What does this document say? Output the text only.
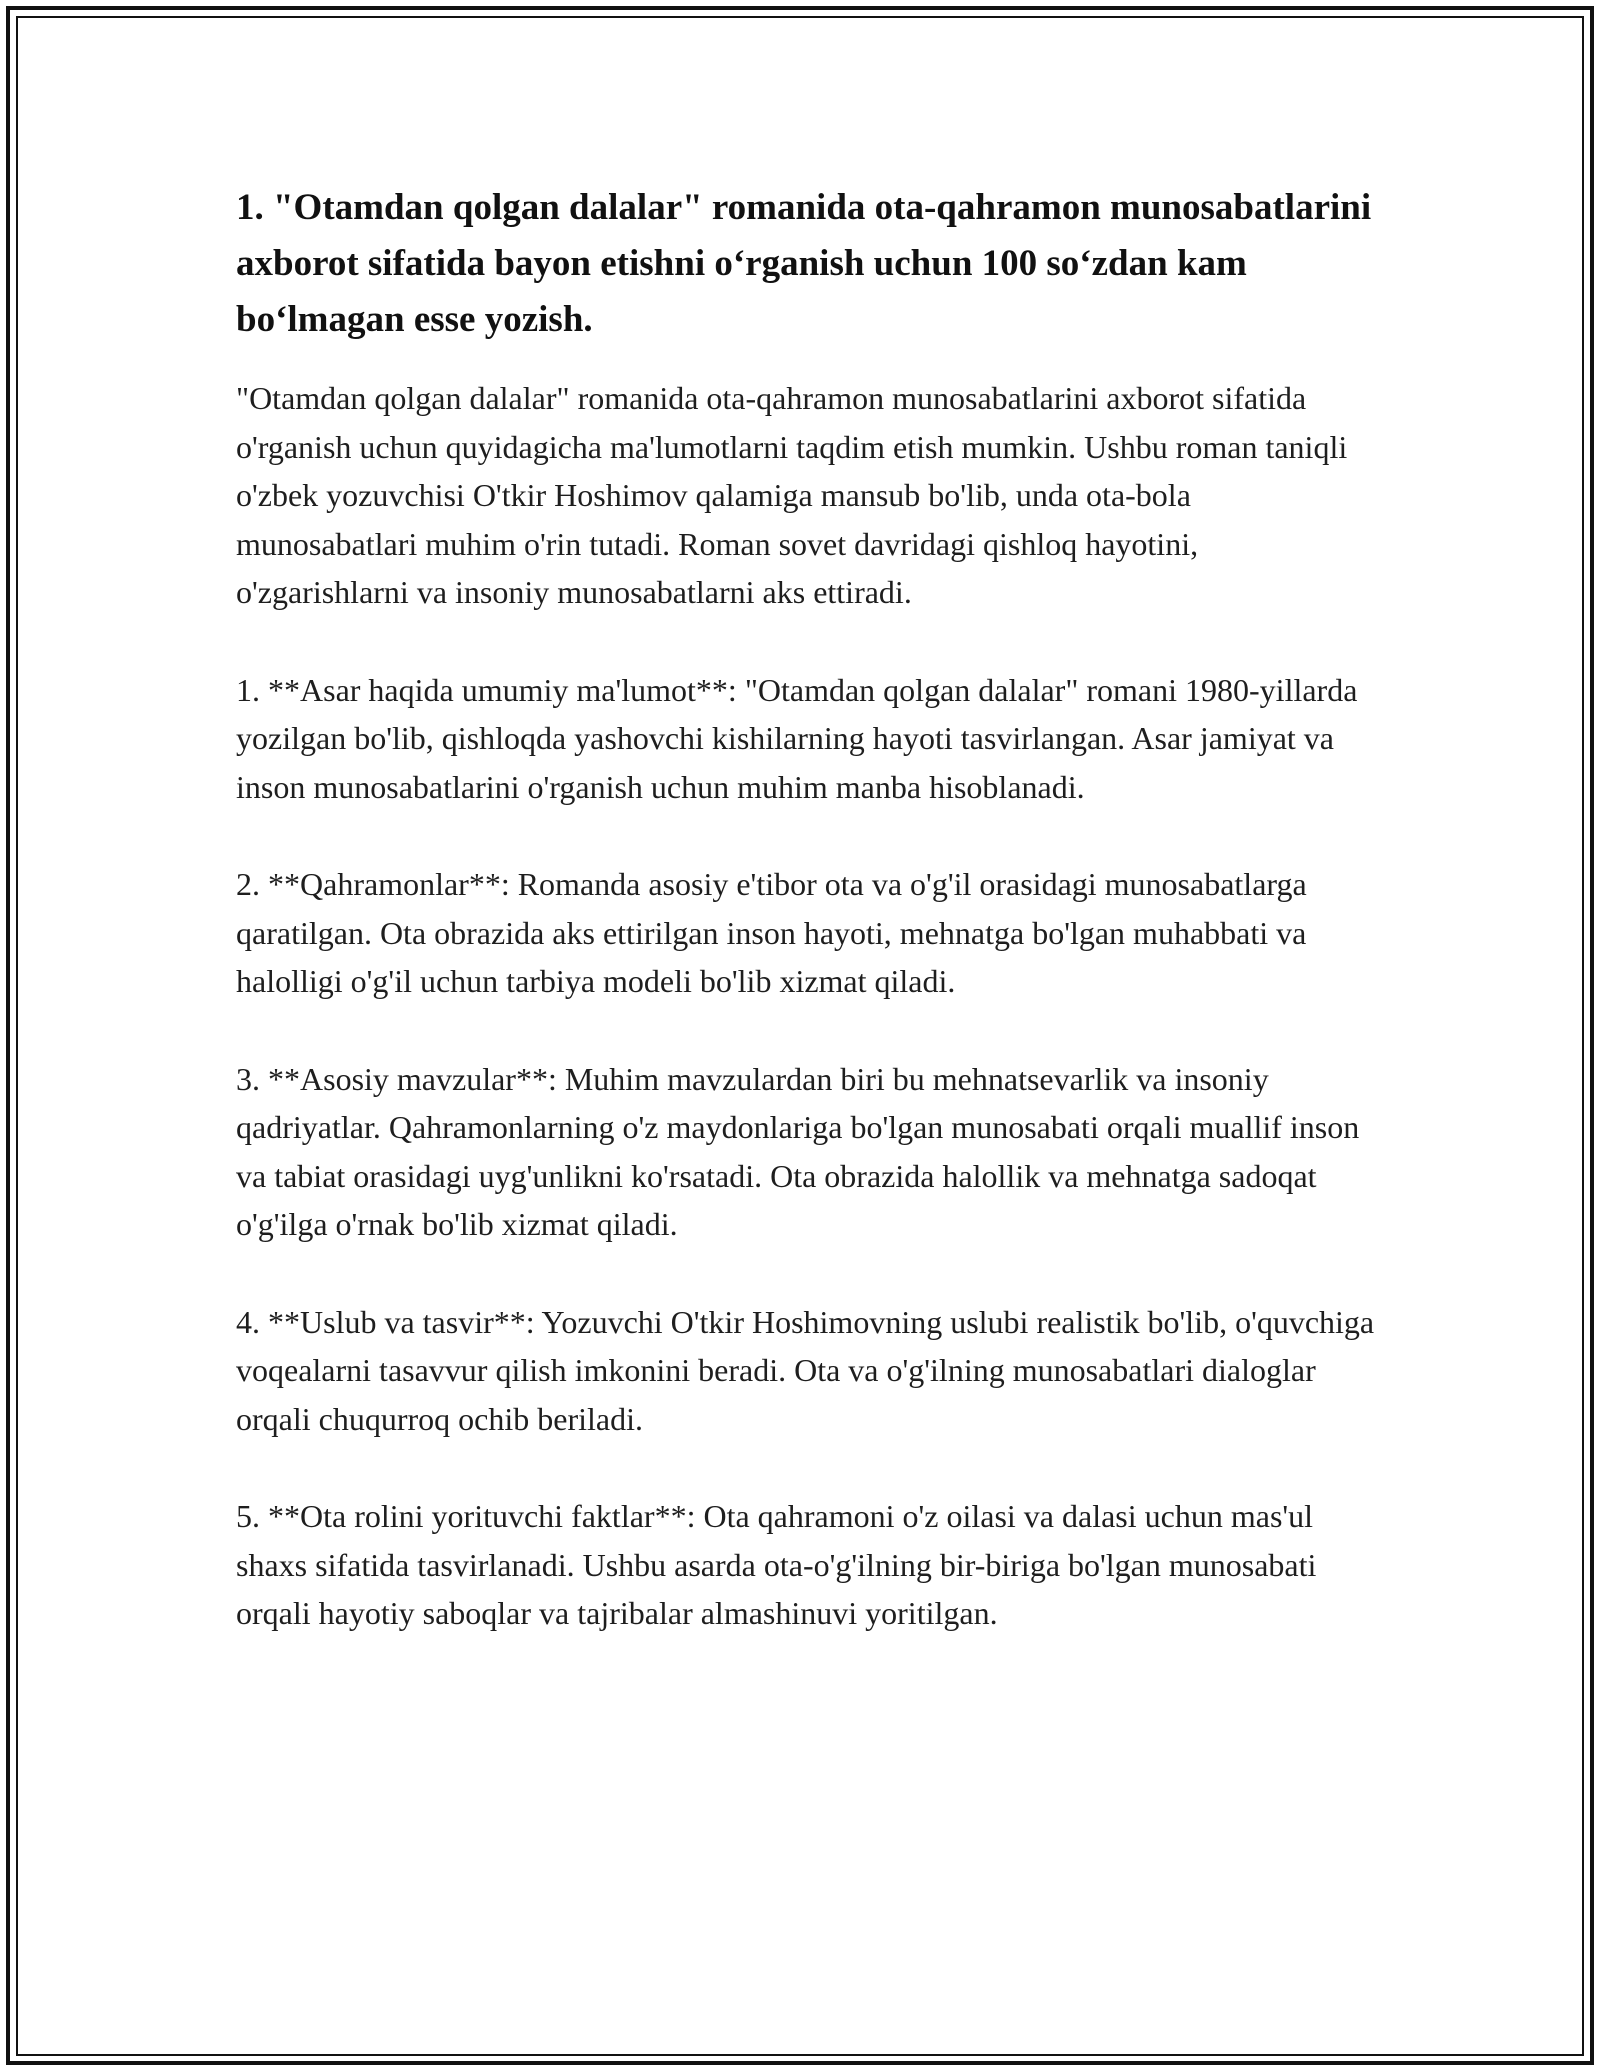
1. "Otamdan qolgan dalalar" romanida ota-qahramon munosabatlarini axborot sifatida bayon etishni o‘rganish uchun 100 so‘zdan kam bo‘lmagan esse yozish.

"Otamdan qolgan dalalar" romanida ota-qahramon munosabatlarini axborot sifatida o'rganish uchun quyidagicha ma'lumotlarni taqdim etish mumkin. Ushbu roman taniqli o'zbek yozuvchisi O'tkir Hoshimov qalamiga mansub bo'lib, unda ota-bola munosabatlari muhim o'rin tutadi. Roman sovet davridagi qishloq hayotini, o'zgarishlarni va insoniy munosabatlarni aks ettiradi.

1. **Asar haqida umumiy ma'lumot**: "Otamdan qolgan dalalar" romani 1980-yillarda yozilgan bo'lib, qishloqda yashovchi kishilarning hayoti tasvirlangan. Asar jamiyat va inson munosabatlarini o'rganish uchun muhim manba hisoblanadi.

2. **Qahramonlar**: Romanda asosiy e'tibor ota va o'g'il orasidagi munosabatlarga qaratilgan. Ota obrazida aks ettirilgan inson hayoti, mehnatga bo'lgan muhabbati va halolligi o'g'il uchun tarbiya modeli bo'lib xizmat qiladi.

3. **Asosiy mavzular**: Muhim mavzulardan biri bu mehnatsevarlik va insoniy qadriyatlar. Qahramonlarning o'z maydonlariga bo'lgan munosabati orqali muallif inson va tabiat orasidagi uyg'unlikni ko'rsatadi. Ota obrazida halollik va mehnatga sadoqat o'g'ilga o'rnak bo'lib xizmat qiladi.

4. **Uslub va tasvir**: Yozuvchi O'tkir Hoshimovning uslubi realistik bo'lib, o'quvchiga voqealarni tasavvur qilish imkonini beradi. Ota va o'g'ilning munosabatlari dialoglar orqali chuqurroq ochib beriladi.

5. **Ota rolini yorituvchi faktlar**: Ota qahramoni o'z oilasi va dalasi uchun mas'ul shaxs sifatida tasvirlanadi. Ushbu asarda ota-o'g'ilning bir-biriga bo'lgan munosabati orqali hayotiy saboqlar va tajribalar almashinuvi yoritilgan.
